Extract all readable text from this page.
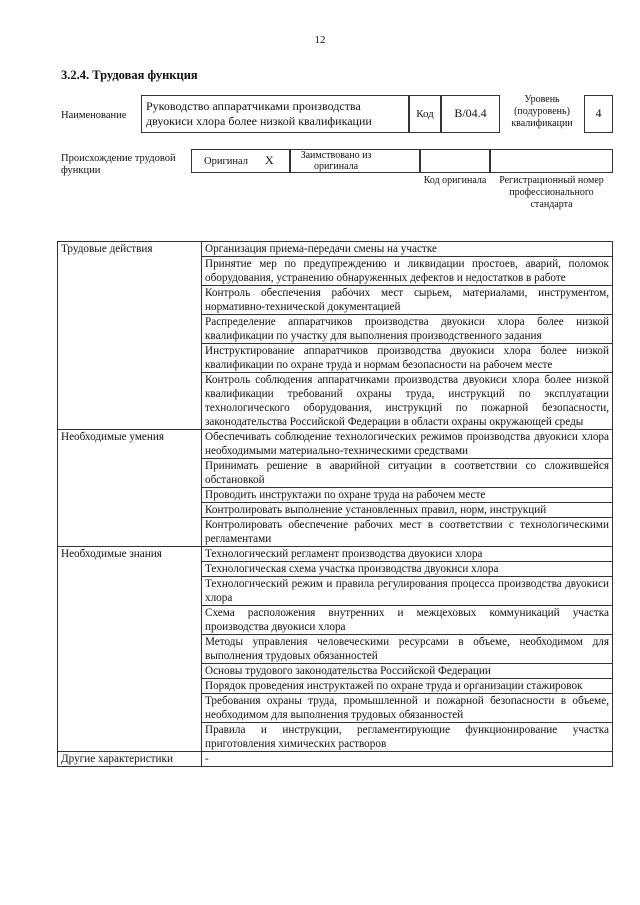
12
3.2.4. Трудовая функция
Наименование
Руководство аппаратчиками производства двуокиси хлора более низкой квалификации	Код	B/04.4
Уровень (подуровень) квалификации
4
Происхождение трудовой функции
Оригинал X	Заимствовано из оригинала
Код оригинала	Регистрационный номер профессионального стандарта
Трудовые действия	Организация приема-передачи смены на участке
	Принятие мер по предупреждению и ликвидации простоев, аварий, поломок оборудования, устранению обнаруженных дефектов и недостатков в работе
	Контроль обеспечения рабочих мест сырьем, материалами, инструментом, нормативно-технической документацией
	Распределение аппаратчиков производства двуокиси хлора более низкой квалификации по участку для выполнения производственного задания
	Инструктирование аппаратчиков производства двуокиси хлора более низкой квалификации по охране труда и нормам безопасности на рабочем месте
	Контроль соблюдения аппаратчиками производства двуокиси хлора более низкой квалификации требований охраны труда, инструкций по эксплуатации технологического оборудования, инструкций по пожарной безопасности, законодательства Российской Федерации в области охраны окружающей среды
Необходимые умения	Обеспечивать соблюдение технологических режимов производства двуокиси хлора необходимыми материально-техническими средствами
	Принимать решение в аварийной ситуации в соответствии со сложившейся обстановкой
	Проводить инструктажи по охране труда на рабочем месте
	Контролировать выполнение установленных правил, норм, инструкций
	Контролировать обеспечение рабочих мест в соответствии с технологическими регламентами
Необходимые знания	Технологический регламент производства двуокиси хлора
	Технологическая схема участка производства двуокиси хлора
	Технологический режим и правила регулирования процесса производства двуокиси хлора
	Схема расположения внутренних и межцеховых коммуникаций участка производства двуокиси хлора
	Методы управления человеческими ресурсами в объеме, необходимом для выполнения трудовых обязанностей
	Основы трудового законодательства Российской Федерации
	Порядок проведения инструктажей по охране труда и организации стажировок
	Требования охраны труда, промышленной и пожарной безопасности в объеме, необходимом для выполнения трудовых обязанностей
	Правила и инструкции, регламентирующие функционирование участка приготовления химических растворов
Другие характеристики	-
